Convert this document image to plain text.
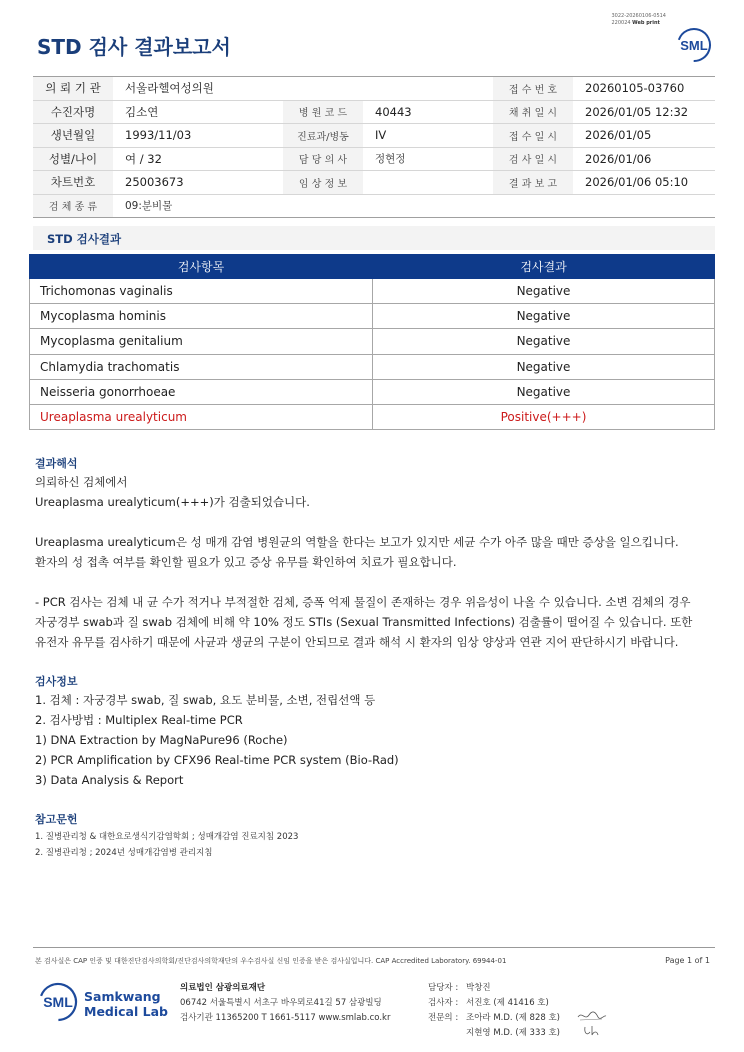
3022-20260106-0514
220024 Web print
STD 검사 결과보고서	SML
의 뢰 기 관	서울라헬여성의원			접 수 번 호	20260105-03760
수진자명	김소연	병 원 코 드	40443	채 취 일 시	2026/01/05 12:32
생년월일	1993/11/03	진료과/병동	IV	접 수 일 시	2026/01/05
성별/나이	여 / 32	담 당 의 사	정현정	검 사 일 시	2026/01/06
차트번호	25003673	임 상 정 보		결 과 보 고	2026/01/06 05:10
검 체 종 류	09:분비물				
STD 검사결과
검사항목	검사결과
Trichomonas vaginalis	Negative
Mycoplasma hominis	Negative
Mycoplasma genitalium	Negative
Chlamydia trachomatis	Negative
Neisseria gonorrhoeae	Negative
Ureaplasma urealyticum	Positive(+++)
결과해석
의뢰하신 검체에서
Ureaplasma urealyticum(+++)가 검출되었습니다.
Ureaplasma urealyticum은 성 매개 감염 병원균의 역할을 한다는 보고가 있지만 세균 수가 아주 많을 때만 증상을 일으킵니다.
환자의 성 접촉 여부를 확인할 필요가 있고 증상 유무를 확인하여 치료가 필요합니다.
- PCR 검사는 검체 내 균 수가 적거나 부적절한 검체, 증폭 억제 물질이 존재하는 경우 위음성이 나올 수 있습니다. 소변 검체의 경우
자궁경부 swab과 질 swab 검체에 비해 약 10% 정도 STIs (Sexual Transmitted Infections) 검출률이 떨어질 수 있습니다. 또한
유전자 유무를 검사하기 때문에 사균과 생균의 구분이 안되므로 결과 해석 시 환자의 임상 양상과 연관 지어 판단하시기 바랍니다.
검사정보
1. 검체 : 자궁경부 swab, 질 swab, 요도 분비물, 소변, 전립선액 등
2. 검사방법 : Multiplex Real-time PCR
1) DNA Extraction by MagNaPure96 (Roche)
2) PCR Amplification by CFX96 Real-time PCR system (Bio-Rad)
3) Data Analysis & Report
참고문헌
1. 질병관리청 & 대한요로생식기감염학회 ; 성매개감염 진료지침 2023
2. 질병관리청 ; 2024년 성매개감염병 관리지침
본 검사실은 CAP 인증 및 대한진단검사의학회/진단검사의학재단의 우수검사실 신임 인증을 받은 검사실입니다. CAP Accredited Laboratory. 69944-01	Page 1 of 1
SML Samkwang
Medical Lab
의료법인 삼광의료재단
06742 서울특별시 서초구 바우뫼로41길 57 삼광빌딩
검사기관 11365200 T 1661-5117 www.smlab.co.kr
담당자 : 박창진
검사자 : 서진호 (제 41416 호)
전문의 : 조아라 M.D. (제 828 호)
지현영 M.D. (제 333 호)
